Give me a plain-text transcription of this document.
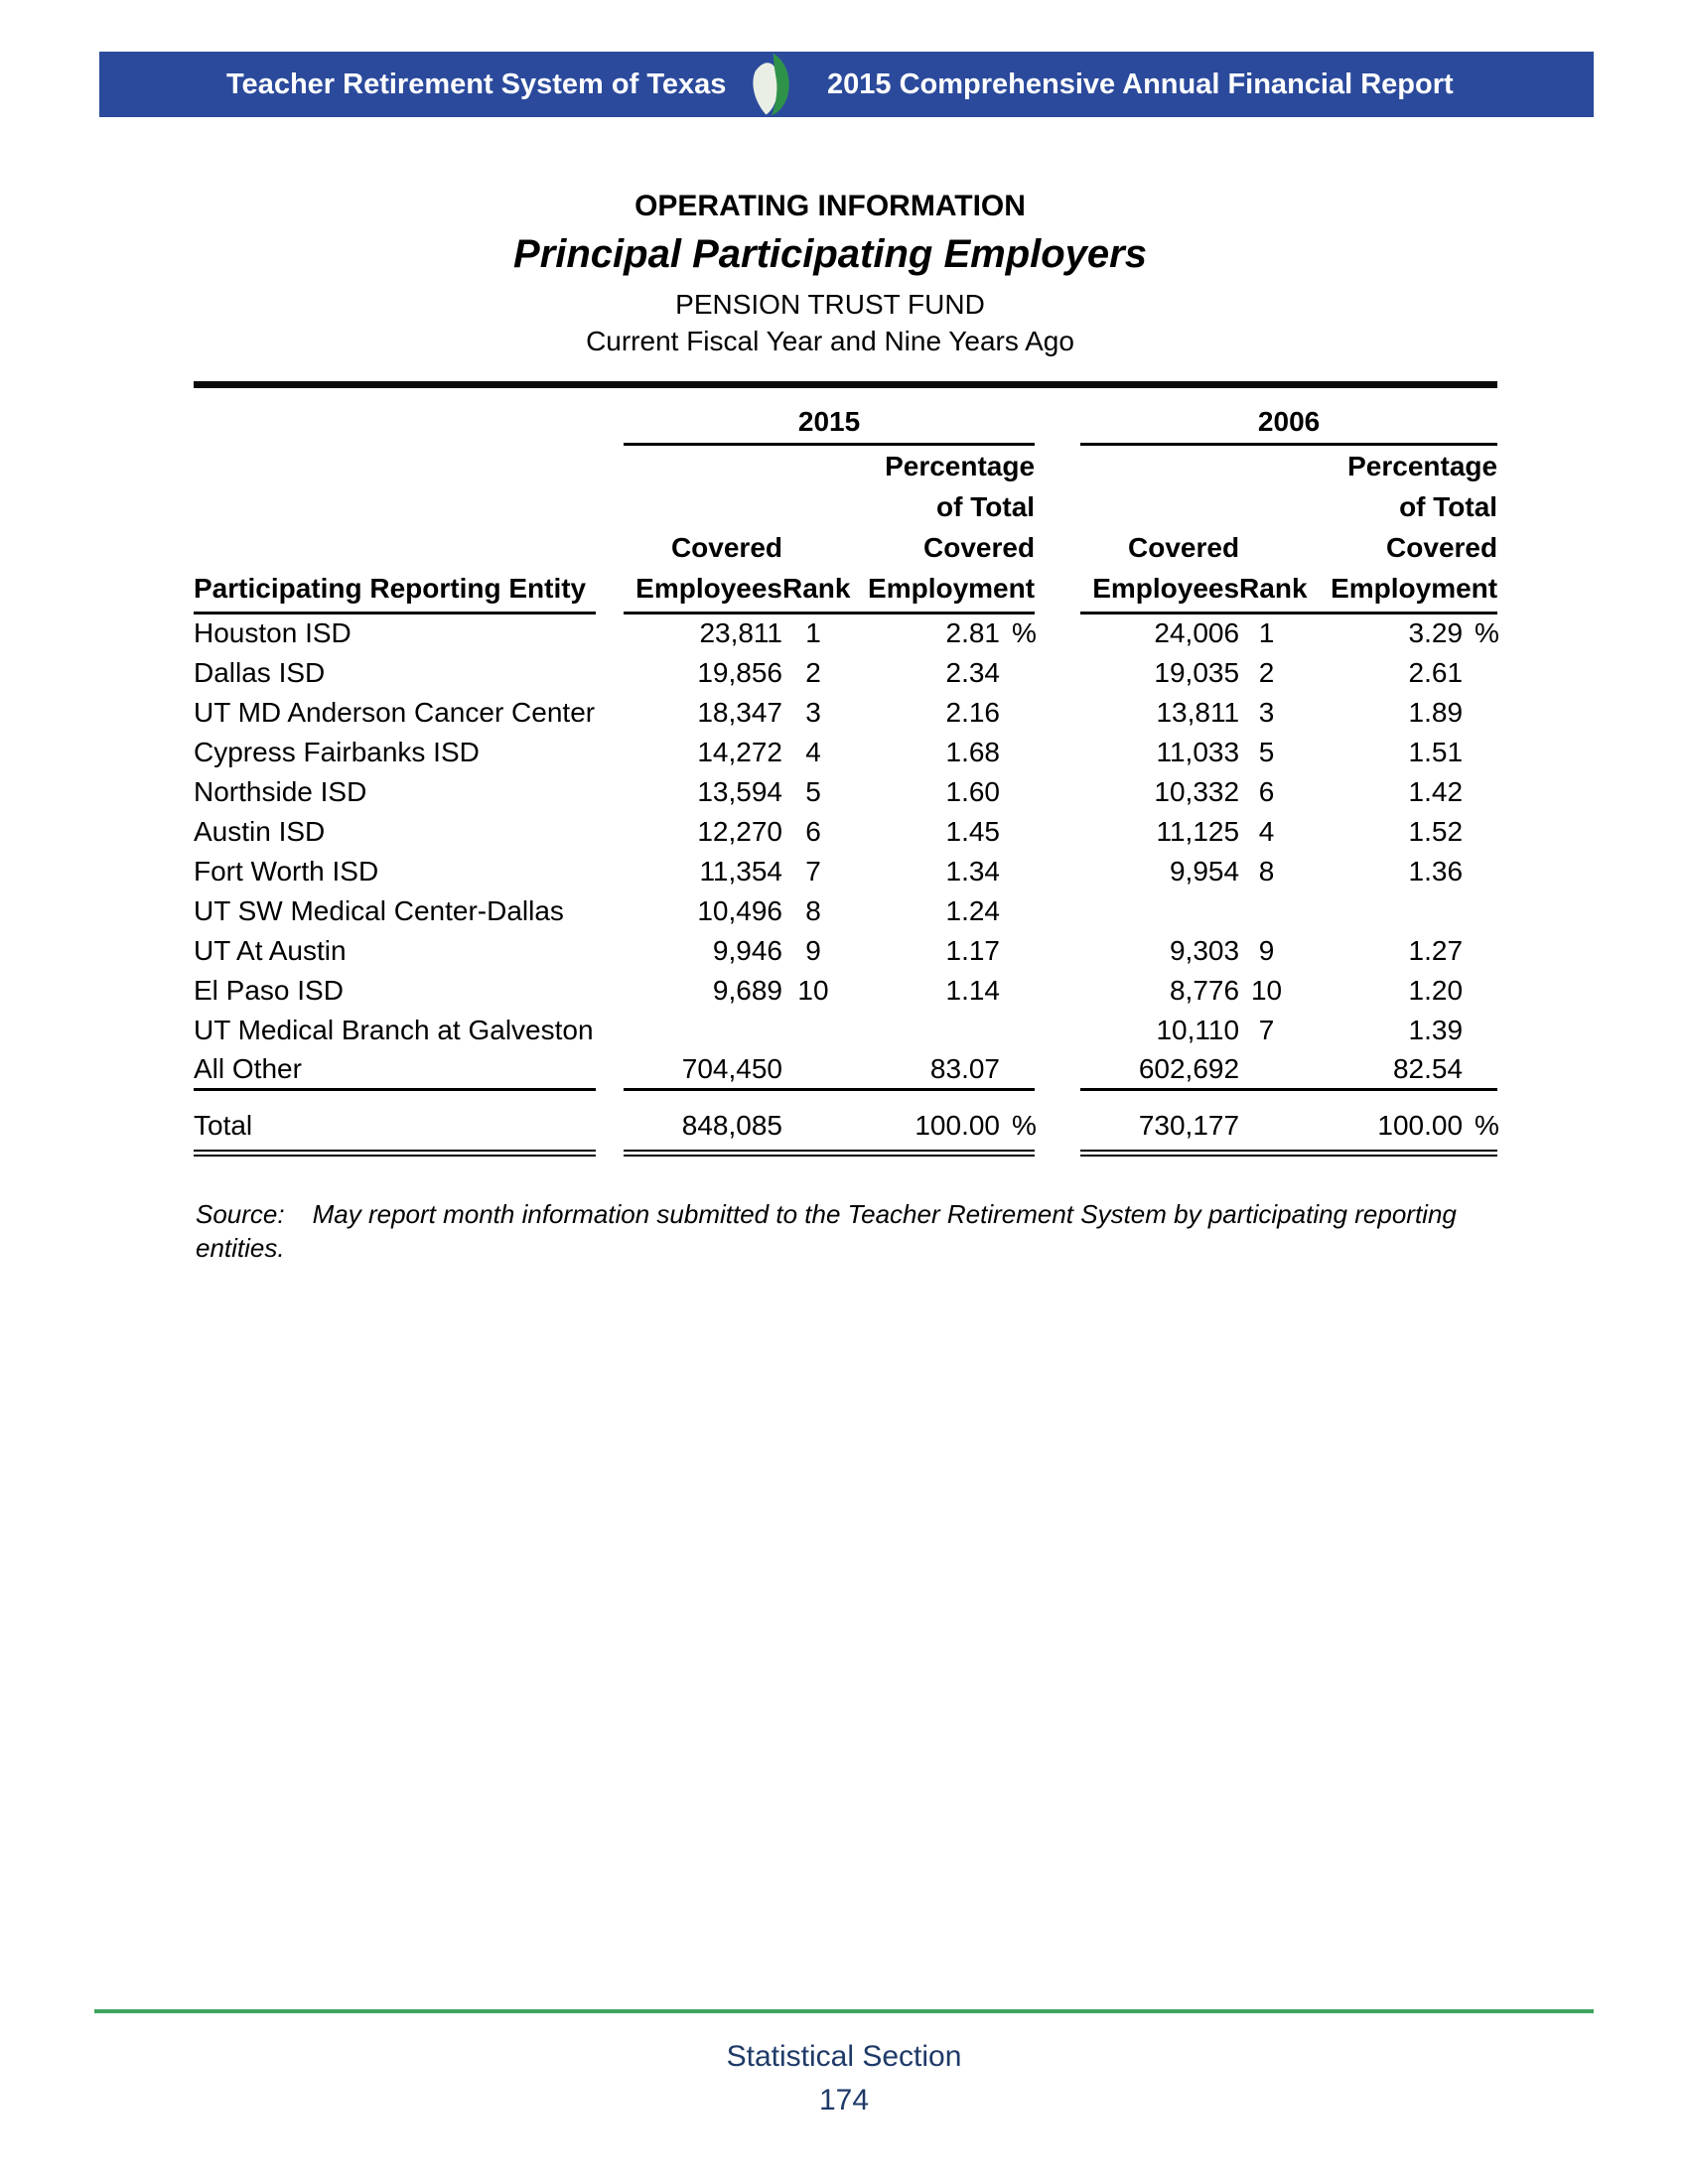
Teacher Retirement System of Texas	2015 Comprehensive Annual Financial Report
OPERATING INFORMATION
Principal Participating Employers
PENSION TRUST FUND
Current Fiscal Year and Nine Years Ago
		2015					2006			
Participating Reporting Entity		
Covered
Employees	Rank	
Percentage
of Total
Covered
Employment

Covered
Employees	Rank	
Percentage
of Total
Covered
Employment

Houston ISD		23,811	1	2.81	%		24,006	1	3.29	%
Dallas ISD		19,856	2	2.34			19,035	2	2.61	
UT MD Anderson Cancer Center		18,347	3	2.16			13,811	3	1.89	
Cypress Fairbanks ISD		14,272	4	1.68			11,033	5	1.51	
Northside ISD		13,594	5	1.60			10,332	6	1.42	
Austin ISD		12,270	6	1.45			11,125	4	1.52	
Fort Worth ISD		11,354	7	1.34			9,954	8	1.36	
UT SW Medical Center-Dallas		10,496	8	1.24						
UT At Austin		9,946	9	1.17			9,303	9	1.27	
El Paso ISD		9,689	10	1.14			8,776	10	1.20	
UT Medical Branch at Galveston							10,110	7	1.39	
All Other		704,450		83.07			602,692		82.54	
Total		848,085		100.00	%		730,177		100.00	%
Source: May report month information submitted to the Teacher Retirement System by participating reporting entities.
Statistical Section
174
